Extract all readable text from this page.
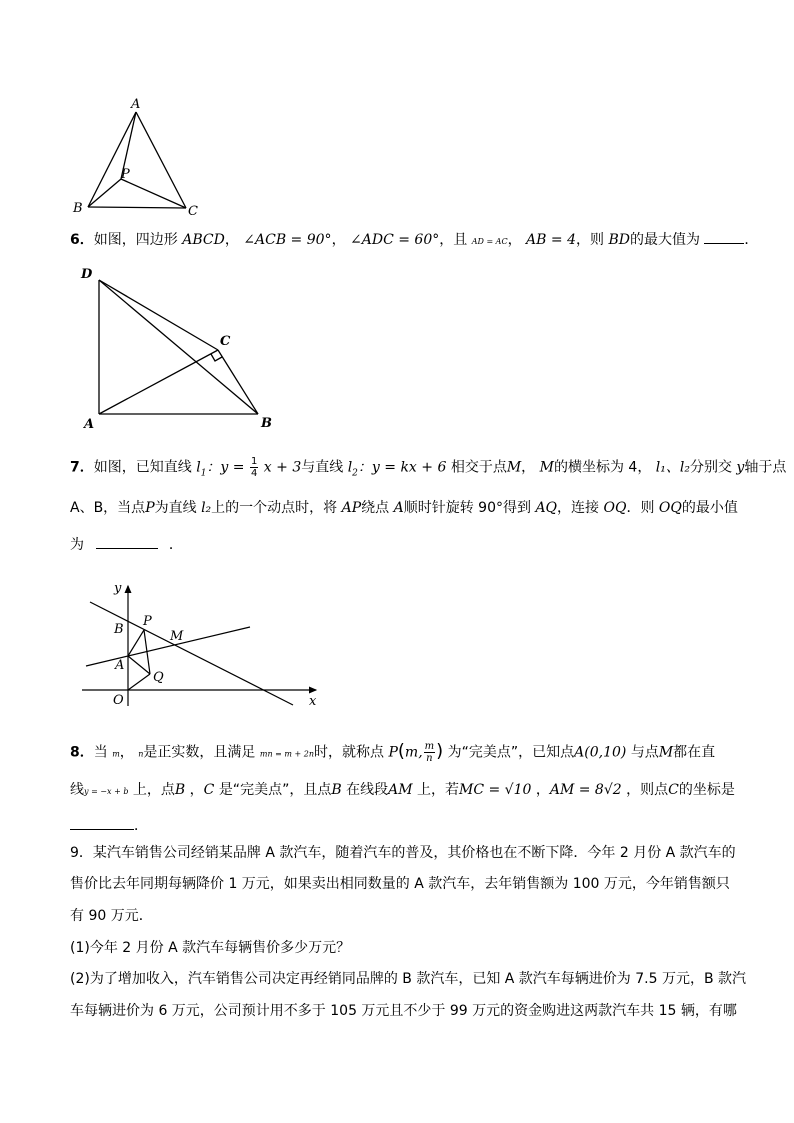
A
B	C
P
6．如图，四边形 ABCD， ∠ACB = 90°， ∠ADC = 60°，且 AD = AC， AB = 4，则 BD的最大值为	．
D
A	B
C
7．如图，已知直线 $l_1$：$y = \frac{1}{4}$ x + 3与直线 $l_2$：y = kx + 6 相交于点M， M的横坐标为 4， l₁、l₂分别交 y轴于点
A、B，当点P为直线 l₂上的一个动点时，将 AP绕点 A顺时针旋转 90°得到 AQ，连接 OQ．则 OQ的最小值
为	．
y
x
O
A
B
P
Q
M
8．当 m， n是正实数，且满足 mn = m + 2n时，就称点 P(m, $\frac{m}{n}$ ) 为“完美点”，已知点A(0,10) 与点M都在直
线y = −x + b 上，点B ，C 是“完美点”，且点B 在线段AM 上，若MC = √10 ，AM = 8√2 ，则点C的坐标是
．
9．某汽车销售公司经销某品牌 A 款汽车，随着汽车的普及，其价格也在不断下降．今年 2 月份 A 款汽车的
售价比去年同期每辆降价 1 万元，如果卖出相同数量的 A 款汽车，去年销售额为 100 万元，今年销售额只
有 90 万元．
(1)今年 2 月份 A 款汽车每辆售价多少万元？
(2)为了增加收入，汽车销售公司决定再经销同品牌的 B 款汽车，已知 A 款汽车每辆进价为 7.5 万元，B 款汽
车每辆进价为 6 万元，公司预计用不多于 105 万元且不少于 99 万元的资金购进这两款汽车共 15 辆，有哪
